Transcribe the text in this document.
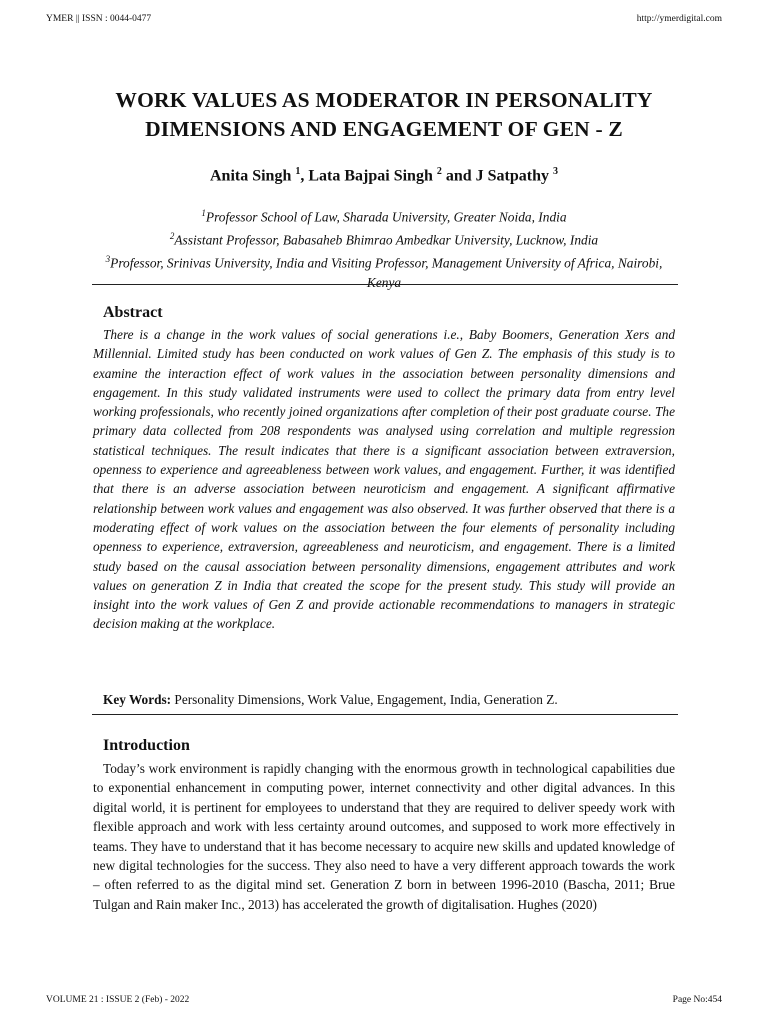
YMER || ISSN : 0044-0477	http://ymerdigital.com
WORK VALUES AS MODERATOR IN PERSONALITY
DIMENSIONS AND ENGAGEMENT OF GEN - Z
Anita Singh $^1$, Lata Bajpai Singh $^2$ and J Satpathy $^3$
$^1$Professor School of Law, Sharada University, Greater Noida, India
$^2$Assistant Professor, Babasaheb Bhimrao Ambedkar University, Lucknow, India
$^3$Professor, Srinivas University, India and Visiting Professor, Management University of Africa, Nairobi, Kenya
Abstract
There is a change in the work values of social generations i.e., Baby Boomers, Generation Xers and Millennial. Limited study has been conducted on work values of Gen Z. The emphasis of this study is to examine the interaction effect of work values in the association between personality dimensions and engagement. In this study validated instruments were used to collect the primary data from entry level working professionals, who recently joined organizations after completion of their post graduate course. The primary data collected from 208 respondents was analysed using correlation and multiple regression statistical techniques. The result indicates that there is a significant association between extraversion, openness to experience and agreeableness between work values, and engagement. Further, it was identified that there is an adverse association between neuroticism and engagement. A significant affirmative relationship between work values and engagement was also observed. It was further observed that there is a moderating effect of work values on the association between the four elements of personality including openness to experience, extraversion, agreeableness and neuroticism, and engagement. There is a limited study based on the causal association between personality dimensions, engagement attributes and work values on generation Z in India that created the scope for the present study. This study will provide an insight into the work values of Gen Z and provide actionable recommendations to managers in strategic decision making at the workplace.
Key Words: Personality Dimensions, Work Value, Engagement, India, Generation Z.
Introduction
Today’s work environment is rapidly changing with the enormous growth in technological capabilities due to exponential enhancement in computing power, internet connectivity and other digital advances. In this digital world, it is pertinent for employees to understand that they are required to deliver speedy work with flexible approach and work with less certainty around outcomes, and supposed to work more effectively in teams. They have to understand that it has become necessary to acquire new skills and updated knowledge of new digital technologies for the success. They also need to have a very different approach towards the work – often referred to as the digital mind set. Generation Z born in between 1996-2010 (Bascha, 2011; Brue Tulgan and Rain maker Inc., 2013) has accelerated the growth of digitalisation. Hughes (2020)
VOLUME 21 : ISSUE 2 (Feb) - 2022	Page No:454
